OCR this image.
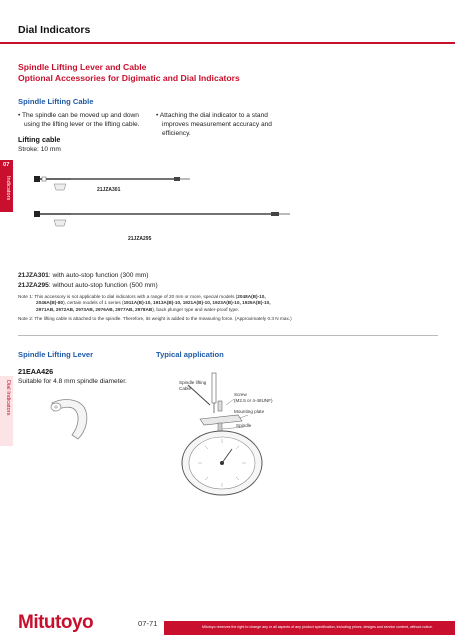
Dial Indicators
Spindle Lifting Lever and Cable
Optional Accessories for Digimatic and Dial Indicators
Spindle Lifting Cable
• The spindle can be moved up and down
using the lifting lever or the lifting cable.
• Attaching the dial indicator to a stand
improves measurement accuracy and
efficiency.
Lifting cable
Stroke: 10 mm
07
Indicators	21JZA301
21JZA295
21JZA301: with auto-stop function (300 mm)
21JZA295: without auto-stop function (500 mm)
Note 1: This accessory is not applicable to dial indicators with a range of 20 mm or more, special models (2048A(B)-10,
2046A(B)-80), certain models of 1 series (1911A(B)-10, 1913A(B)-10, 1921A(B)-10, 1923A(B)-10, 1925A(B)-10,
2971AB, 2972AB, 2973AB, 2976AB, 2977AB, 2978AB), back plunger type and water-proof type.
Note 2: The lifting cable is attached to the spindle. Therefore, its weight is added to the measuring force. (Approximately 0.3 N max.)
Spindle Lifting Lever
21EAA426
Suitable for 4.8 mm spindle diameter.
Dial Indicators
Typical application
Spindle lifting
Cable
Screw
(M2.5 or 4-48UNF)
Mounting plate
Spindle
Mitutoyo	07-71	Mitutoyo reserves the right to change any or all aspects of any product specification, including prices, designs and service content, without notice.
